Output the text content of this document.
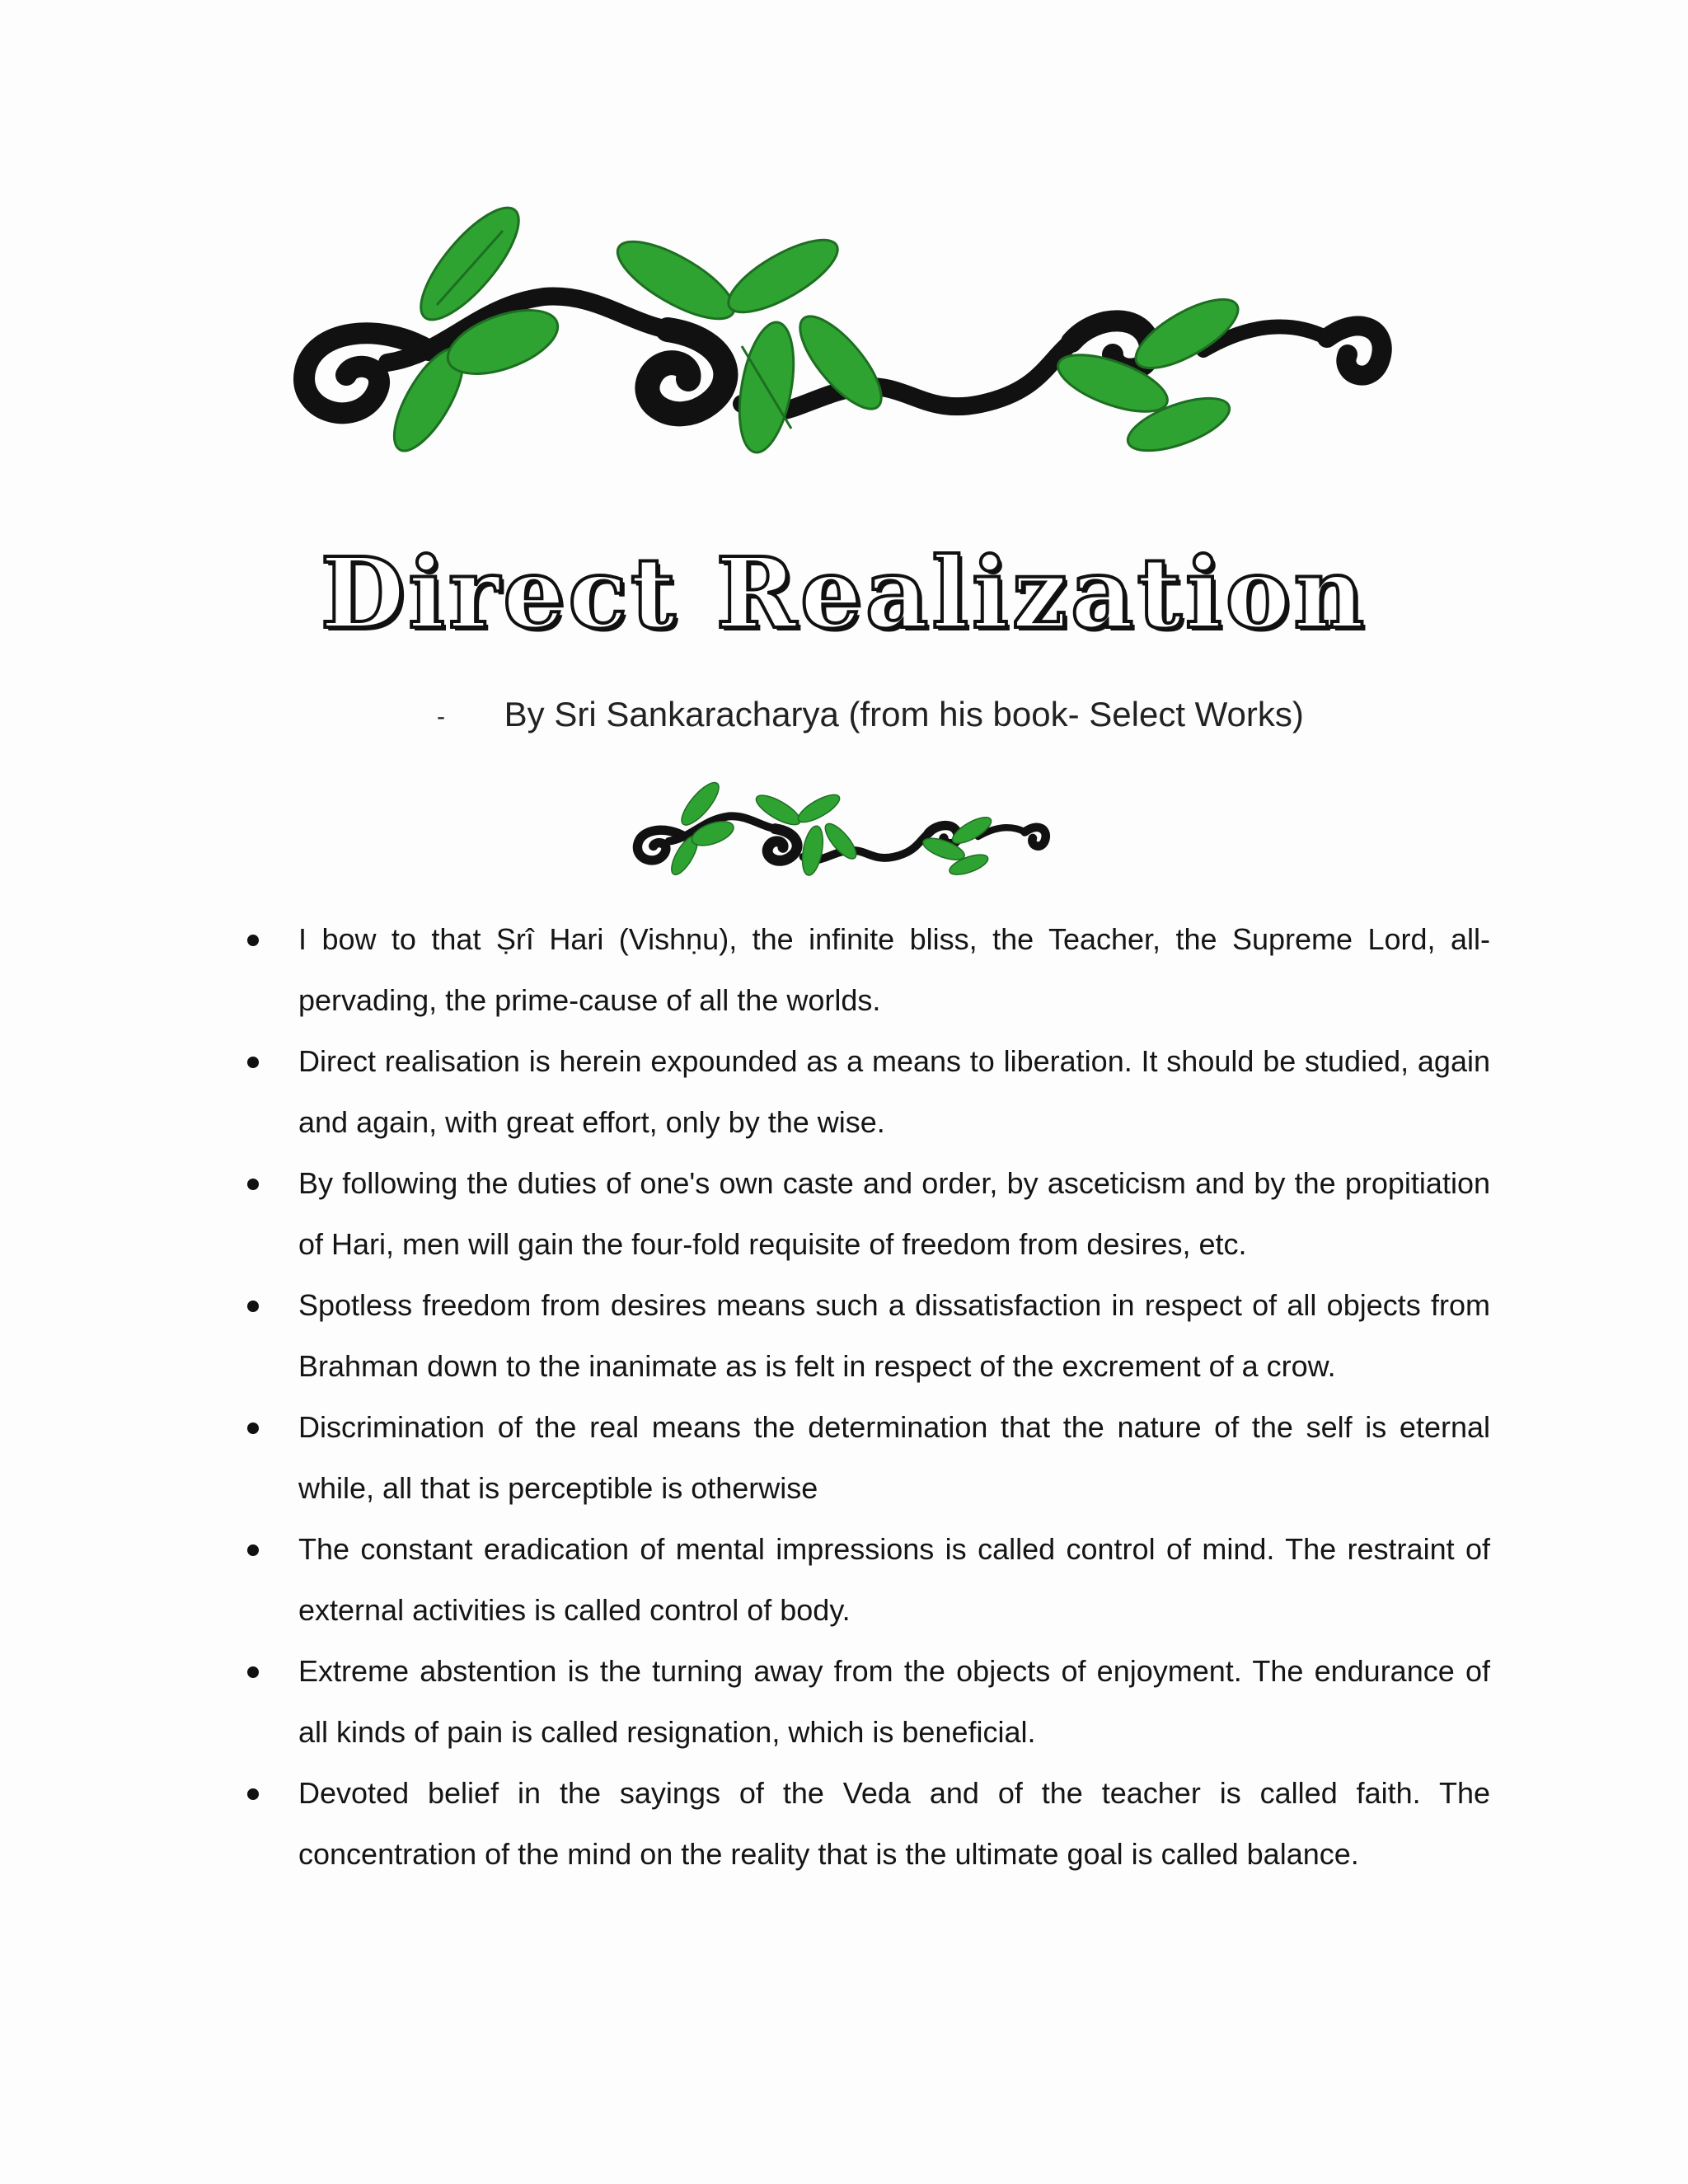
Direct Realization
- By Sri Sankaracharya (from his book- Select Works)
I bow to that Ṣrî Hari (Vishṇu), the infinite bliss, the Teacher, the Supreme Lord, all-pervading, the prime-cause of all the worlds.
Direct realisation is herein expounded as a means to liberation. It should be studied, again and again, with great effort, only by the wise.
By following the duties of one's own caste and order, by asceticism and by the propitiation of Hari, men will gain the four-fold requisite of freedom from desires, etc.
Spotless freedom from desires means such a dissatisfaction in respect of all objects from Brahman down to the inanimate as is felt in respect of the excrement of a crow.
Discrimination of the real means the determination that the nature of the self is eternal while, all that is perceptible is otherwise
The constant eradication of mental impressions is called control of mind. The restraint of external activities is called control of body.
Extreme abstention is the turning away from the objects of enjoyment. The endurance of all kinds of pain is called resignation, which is beneficial.
Devoted belief in the sayings of the Veda and of the teacher is called faith. The concentration of the mind on the reality that is the ultimate goal is called balance.
